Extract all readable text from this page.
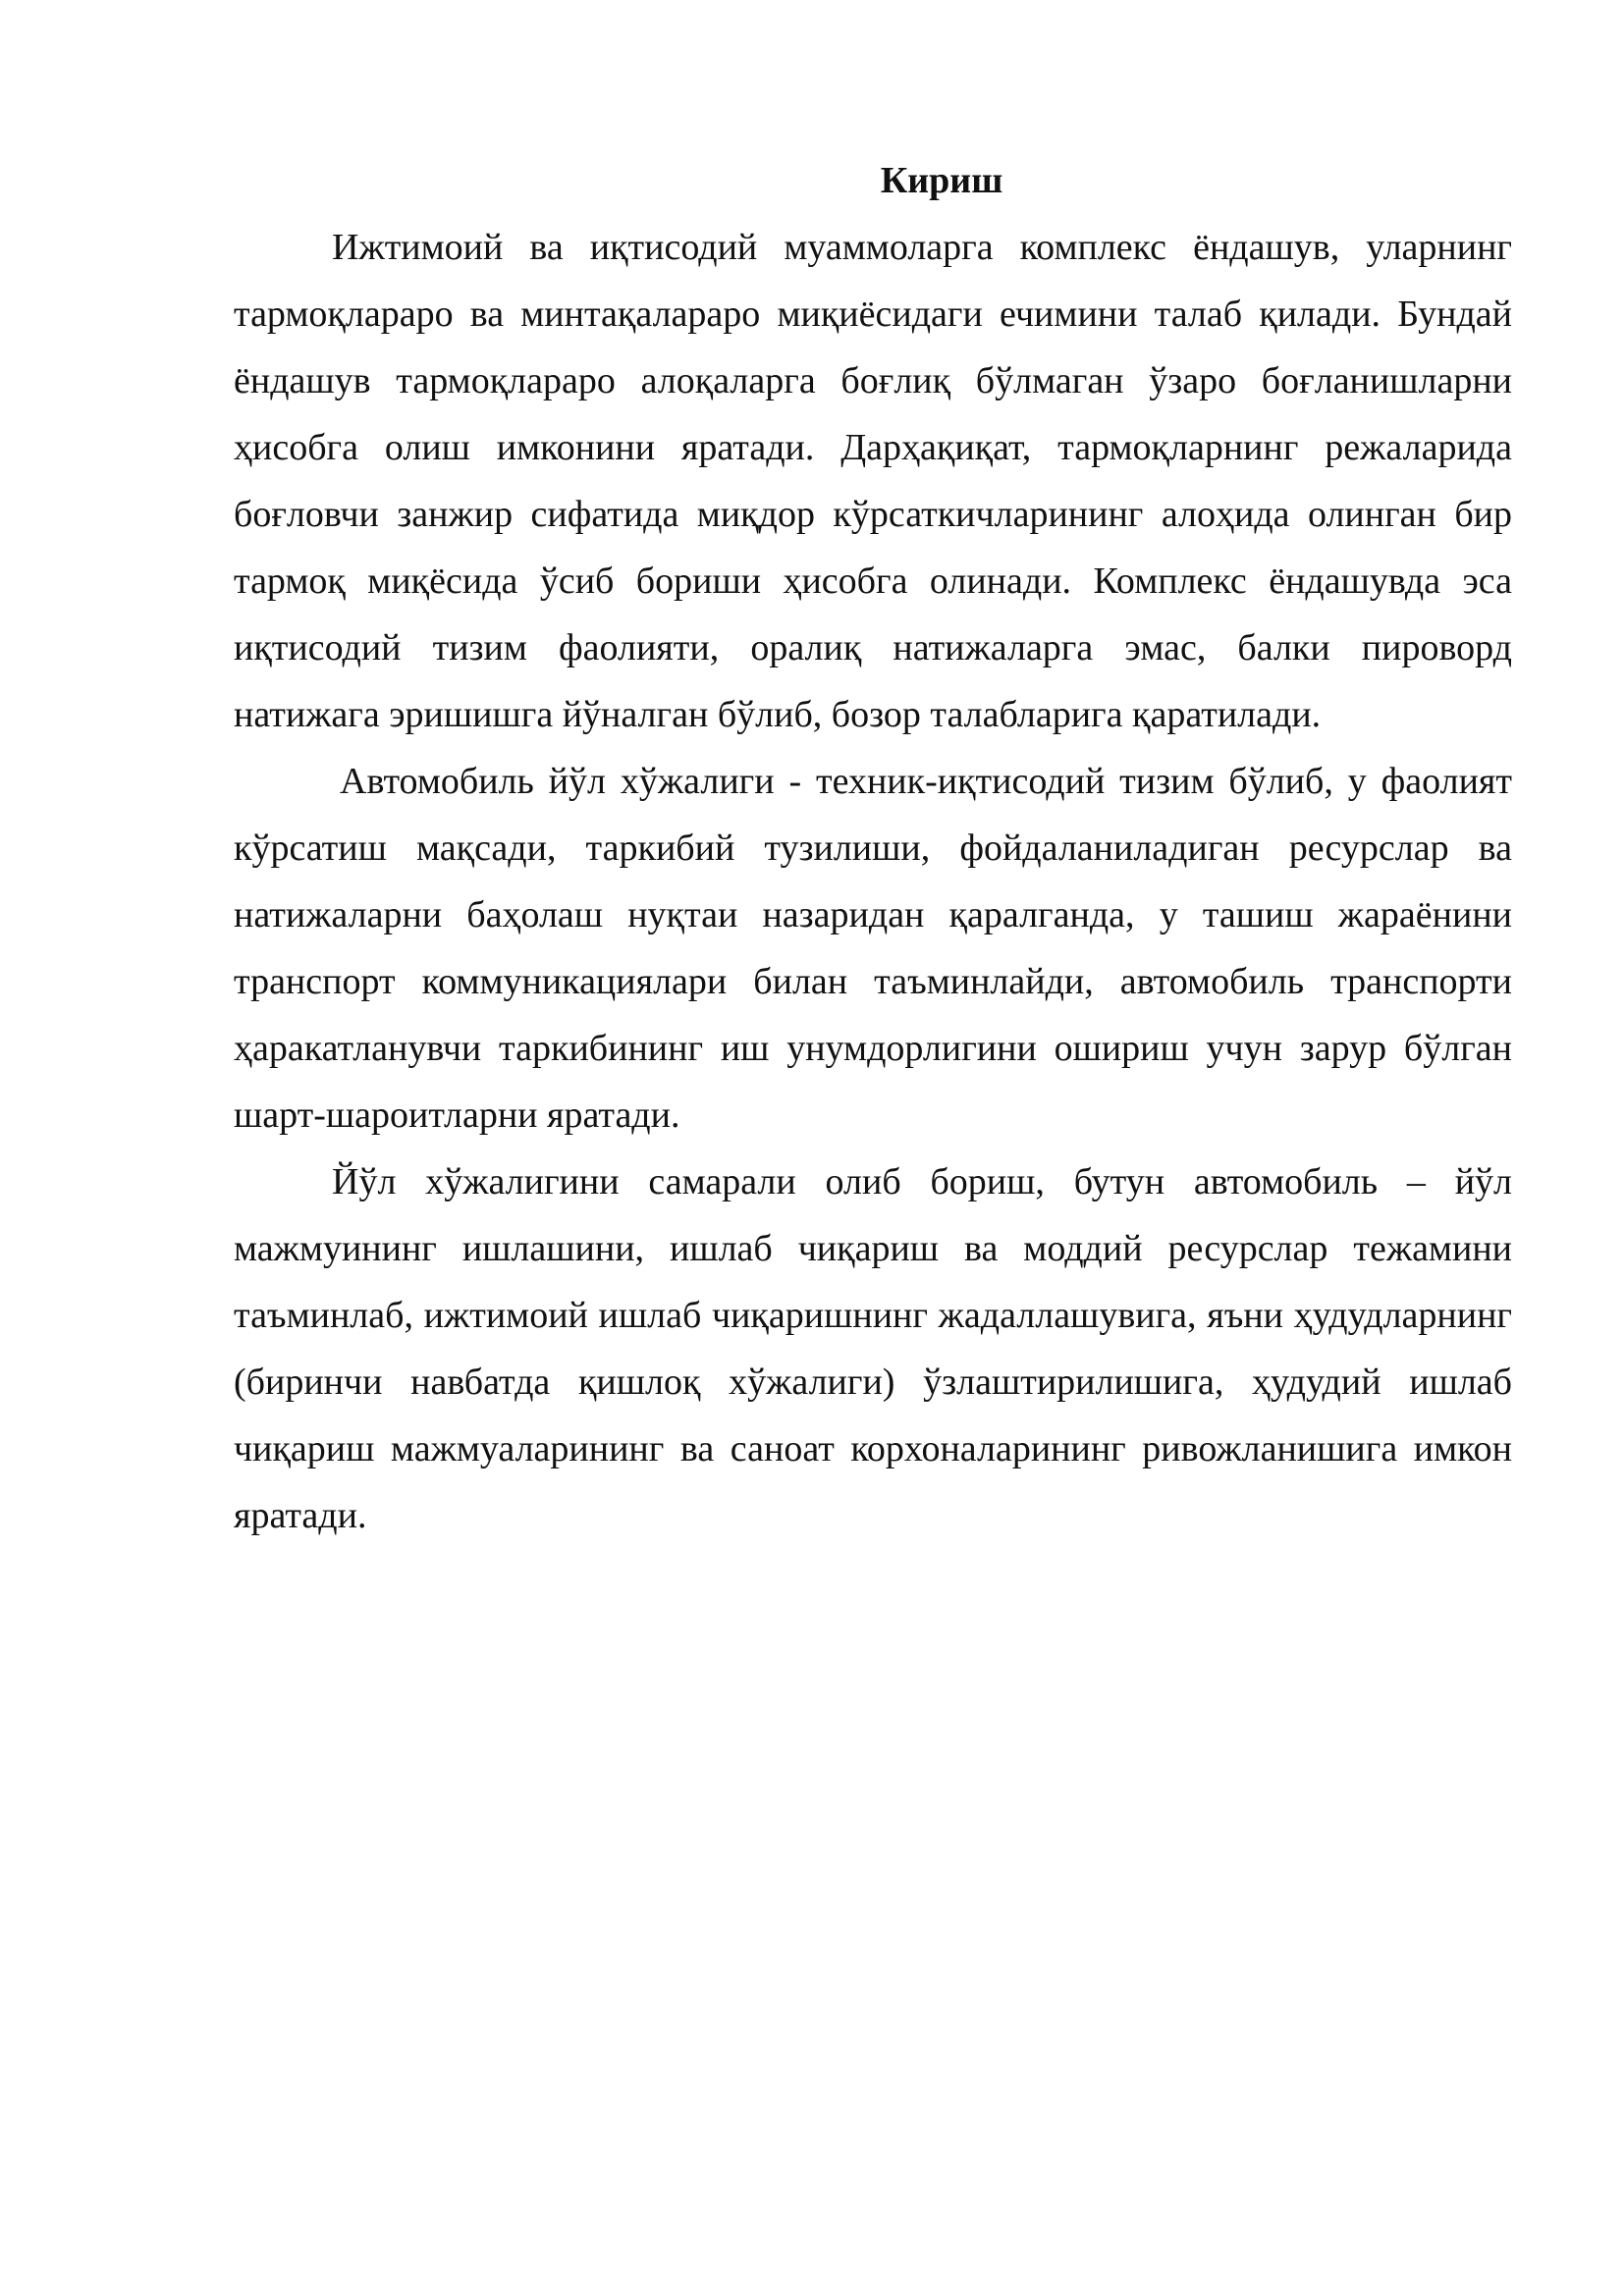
Кириш

Ижтимоий ва иқтисодий муаммоларга комплекс ёндашув, уларнинг тармоқлараро ва минтақалараро миқиёсидаги ечимини талаб қилади. Бундай ёндашув тармоқлараро алоқаларга боғлиқ бўлмаган ўзаро боғланишларни ҳисобга олиш имконини яратади. Дарҳақиқат, тармоқларнинг режаларида боғловчи занжир сифатида миқдор кўрсаткичларининг алоҳида олинган бир тармоқ миқёсида ўсиб бориши ҳисобга олинади. Комплекс ёндашувда эса иқтисодий тизим фаолияти, оралиқ натижаларга эмас, балки пироворд натижага эришишга йўналган бўлиб, бозор талабларига қаратилади.

Автомобиль йўл хўжалиги - техник-иқтисодий тизим бўлиб, у фаолият кўрсатиш мақсади, таркибий тузилиши, фойдаланиладиган ресурслар ва натижаларни баҳолаш нуқтаи назаридан қаралганда, у ташиш жараёнини транспорт коммуникациялари билан таъминлайди, автомобиль транспорти ҳаракатланувчи таркибининг иш унумдорлигини ошириш учун зарур бўлган шарт-шароитларни яратади.

Йўл хўжалигини самарали олиб бориш, бутун автомобиль – йўл мажмуининг ишлашини, ишлаб чиқариш ва моддий ресурслар тежамини таъминлаб, ижтимоий ишлаб чиқаришнинг жадаллашувига, яъни ҳудудларнинг (биринчи навбатда қишлоқ хўжалиги) ўзлаштирилишига, ҳудудий ишлаб чиқариш мажмуаларининг ва саноат корхоналарининг ривожланишига имкон яратади.
